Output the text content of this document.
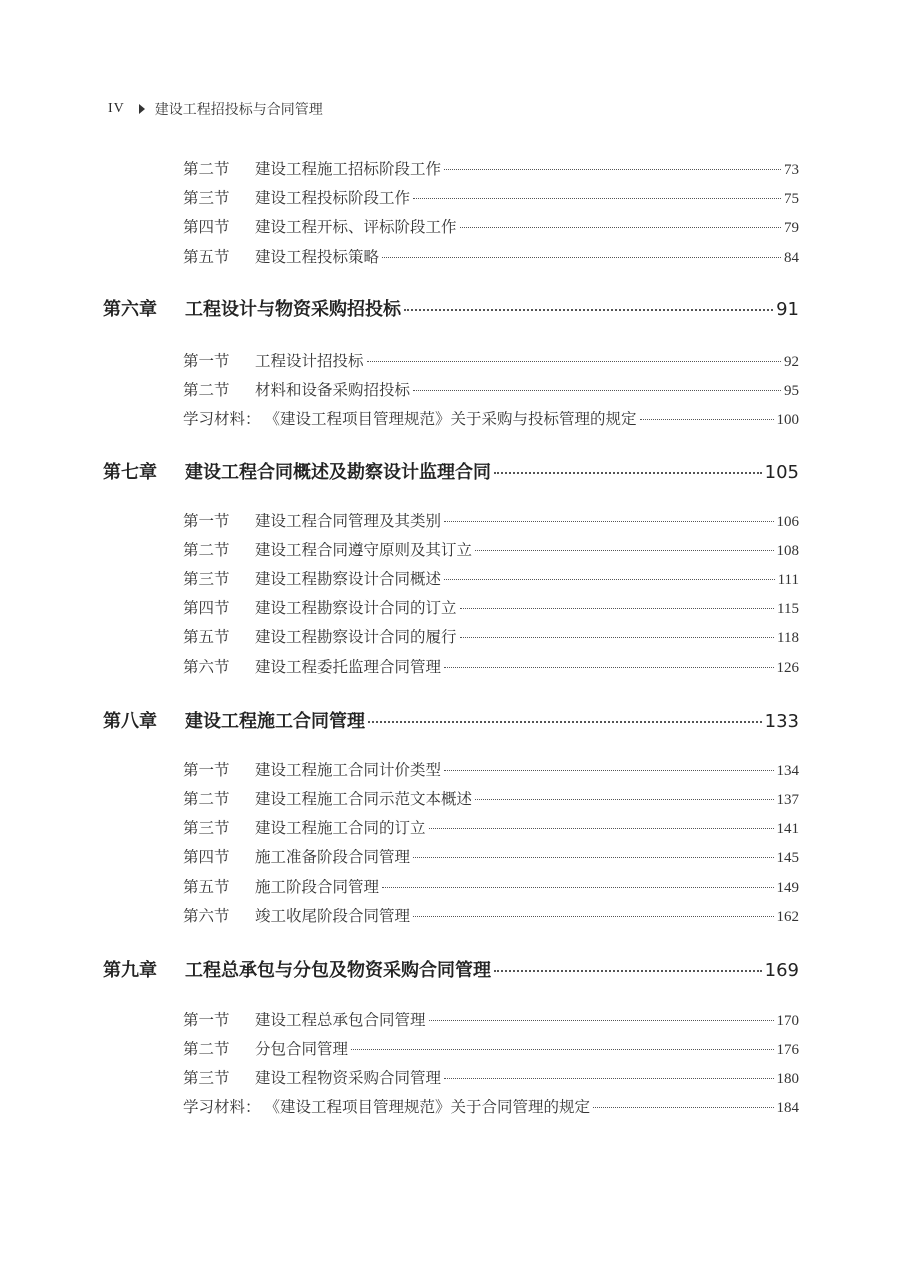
IV 建设工程招投标与合同管理
第二节	建设工程施工招标阶段工作	73
第三节	建设工程投标阶段工作	75
第四节	建设工程开标、评标阶段工作	79
第五节	建设工程投标策略	84
第六章	工程设计与物资采购招投标	91
第一节	工程设计招投标	92
第二节	材料和设备采购招投标	95
学习材料： 《建设工程项目管理规范》关于采购与投标管理的规定	100
第七章	建设工程合同概述及勘察设计监理合同	105
第一节	建设工程合同管理及其类别	106
第二节	建设工程合同遵守原则及其订立	108
第三节	建设工程勘察设计合同概述	111
第四节	建设工程勘察设计合同的订立	115
第五节	建设工程勘察设计合同的履行	118
第六节	建设工程委托监理合同管理	126
第八章	建设工程施工合同管理	133
第一节	建设工程施工合同计价类型	134
第二节	建设工程施工合同示范文本概述	137
第三节	建设工程施工合同的订立	141
第四节	施工准备阶段合同管理	145
第五节	施工阶段合同管理	149
第六节	竣工收尾阶段合同管理	162
第九章	工程总承包与分包及物资采购合同管理	169
第一节	建设工程总承包合同管理	170
第二节	分包合同管理	176
第三节	建设工程物资采购合同管理	180
学习材料： 《建设工程项目管理规范》关于合同管理的规定	184
